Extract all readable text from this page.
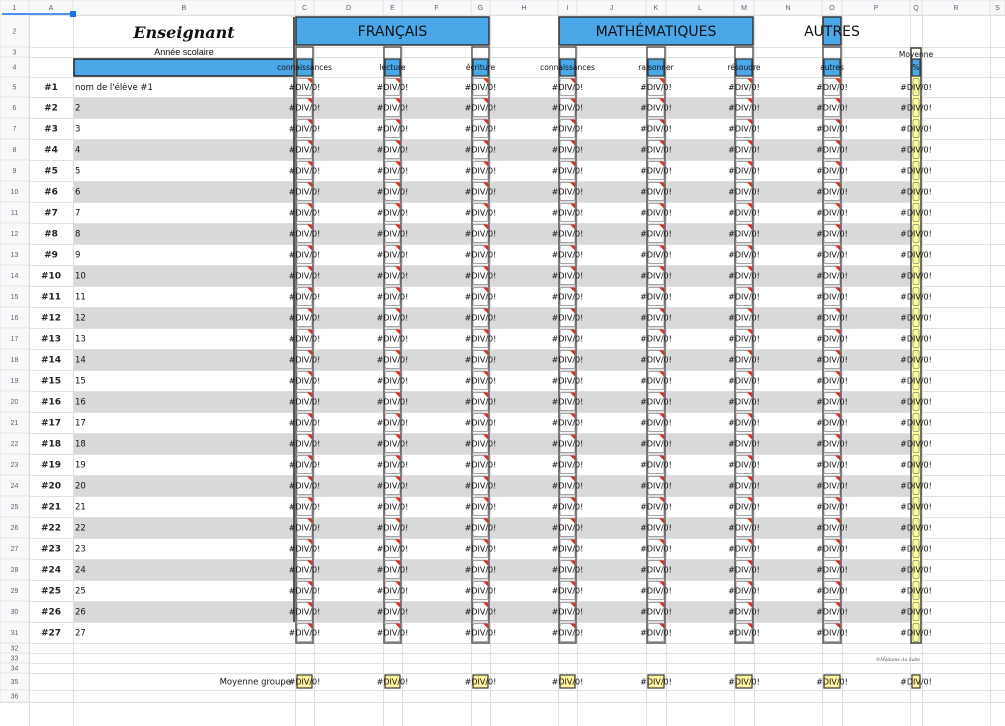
Enseignant
Année scolaire
FRANÇAIS	MATHÉMATIQUES	AUTRES
connaissances	lecture	écriture	connaissances	raisonner	résoudre	autres
Moyenne
%
#1 nom de l'élève #1	#DIV/0!	#DIV/0!	#DIV/0!	#DIV/0!	#DIV/0!	#DIV/0!	#DIV/0!	#DIV/0!
#2 2	#DIV/0!	#DIV/0!	#DIV/0!	#DIV/0!	#DIV/0!	#DIV/0!	#DIV/0!	#DIV/0!
#3 3	#DIV/0!	#DIV/0!	#DIV/0!	#DIV/0!	#DIV/0!	#DIV/0!	#DIV/0!	#DIV/0!
#4 4	#DIV/0!	#DIV/0!	#DIV/0!	#DIV/0!	#DIV/0!	#DIV/0!	#DIV/0!	#DIV/0!
#5 5	#DIV/0!	#DIV/0!	#DIV/0!	#DIV/0!	#DIV/0!	#DIV/0!	#DIV/0!	#DIV/0!
#6 6	#DIV/0!	#DIV/0!	#DIV/0!	#DIV/0!	#DIV/0!	#DIV/0!	#DIV/0!	#DIV/0!
#7 7	#DIV/0!	#DIV/0!	#DIV/0!	#DIV/0!	#DIV/0!	#DIV/0!	#DIV/0!	#DIV/0!
#8 8	#DIV/0!	#DIV/0!	#DIV/0!	#DIV/0!	#DIV/0!	#DIV/0!	#DIV/0!	#DIV/0!
#9 9	#DIV/0!	#DIV/0!	#DIV/0!	#DIV/0!	#DIV/0!	#DIV/0!	#DIV/0!	#DIV/0!
#10 10	#DIV/0!	#DIV/0!	#DIV/0!	#DIV/0!	#DIV/0!	#DIV/0!	#DIV/0!	#DIV/0!
#11 11	#DIV/0!	#DIV/0!	#DIV/0!	#DIV/0!	#DIV/0!	#DIV/0!	#DIV/0!	#DIV/0!
#12 12	#DIV/0!	#DIV/0!	#DIV/0!	#DIV/0!	#DIV/0!	#DIV/0!	#DIV/0!	#DIV/0!
#13 13	#DIV/0!	#DIV/0!	#DIV/0!	#DIV/0!	#DIV/0!	#DIV/0!	#DIV/0!	#DIV/0!
#14 14	#DIV/0!	#DIV/0!	#DIV/0!	#DIV/0!	#DIV/0!	#DIV/0!	#DIV/0!	#DIV/0!
#15 15	#DIV/0!	#DIV/0!	#DIV/0!	#DIV/0!	#DIV/0!	#DIV/0!	#DIV/0!	#DIV/0!
#16 16	#DIV/0!	#DIV/0!	#DIV/0!	#DIV/0!	#DIV/0!	#DIV/0!	#DIV/0!	#DIV/0!
#17 17	#DIV/0!	#DIV/0!	#DIV/0!	#DIV/0!	#DIV/0!	#DIV/0!	#DIV/0!	#DIV/0!
#18 18	#DIV/0!	#DIV/0!	#DIV/0!	#DIV/0!	#DIV/0!	#DIV/0!	#DIV/0!	#DIV/0!
#19 19	#DIV/0!	#DIV/0!	#DIV/0!	#DIV/0!	#DIV/0!	#DIV/0!	#DIV/0!	#DIV/0!
#20 20	#DIV/0!	#DIV/0!	#DIV/0!	#DIV/0!	#DIV/0!	#DIV/0!	#DIV/0!	#DIV/0!
#21 21	#DIV/0!	#DIV/0!	#DIV/0!	#DIV/0!	#DIV/0!	#DIV/0!	#DIV/0!	#DIV/0!
#22 22	#DIV/0!	#DIV/0!	#DIV/0!	#DIV/0!	#DIV/0!	#DIV/0!	#DIV/0!	#DIV/0!
#23 23	#DIV/0!	#DIV/0!	#DIV/0!	#DIV/0!	#DIV/0!	#DIV/0!	#DIV/0!	#DIV/0!
#24 24	#DIV/0!	#DIV/0!	#DIV/0!	#DIV/0!	#DIV/0!	#DIV/0!	#DIV/0!	#DIV/0!
#25 25	#DIV/0!	#DIV/0!	#DIV/0!	#DIV/0!	#DIV/0!	#DIV/0!	#DIV/0!	#DIV/0!
#26 26	#DIV/0!	#DIV/0!	#DIV/0!	#DIV/0!	#DIV/0!	#DIV/0!	#DIV/0!	#DIV/0!
#27 27	#DIV/0!	#DIV/0!	#DIV/0!	#DIV/0!	#DIV/0!	#DIV/0!	#DIV/0!	#DIV/0!
©Madame du Sabo
Moyenne groupe
#DIV/0!	#DIV/0!	#DIV/0!	#DIV/0!	#DIV/0!	#DIV/0!	#DIV/0!	#DIV/0!
A	B	C	D	E	F	G	H	I	J	K	L	M	N	O	P	Q	R	S
1
2
3
4
5
6
7
8
9
10
11
12
13
14
15
16
17
18
19
20
21
22
23
24
25
26
27
28
29
30
31
32
33
34
35
36
